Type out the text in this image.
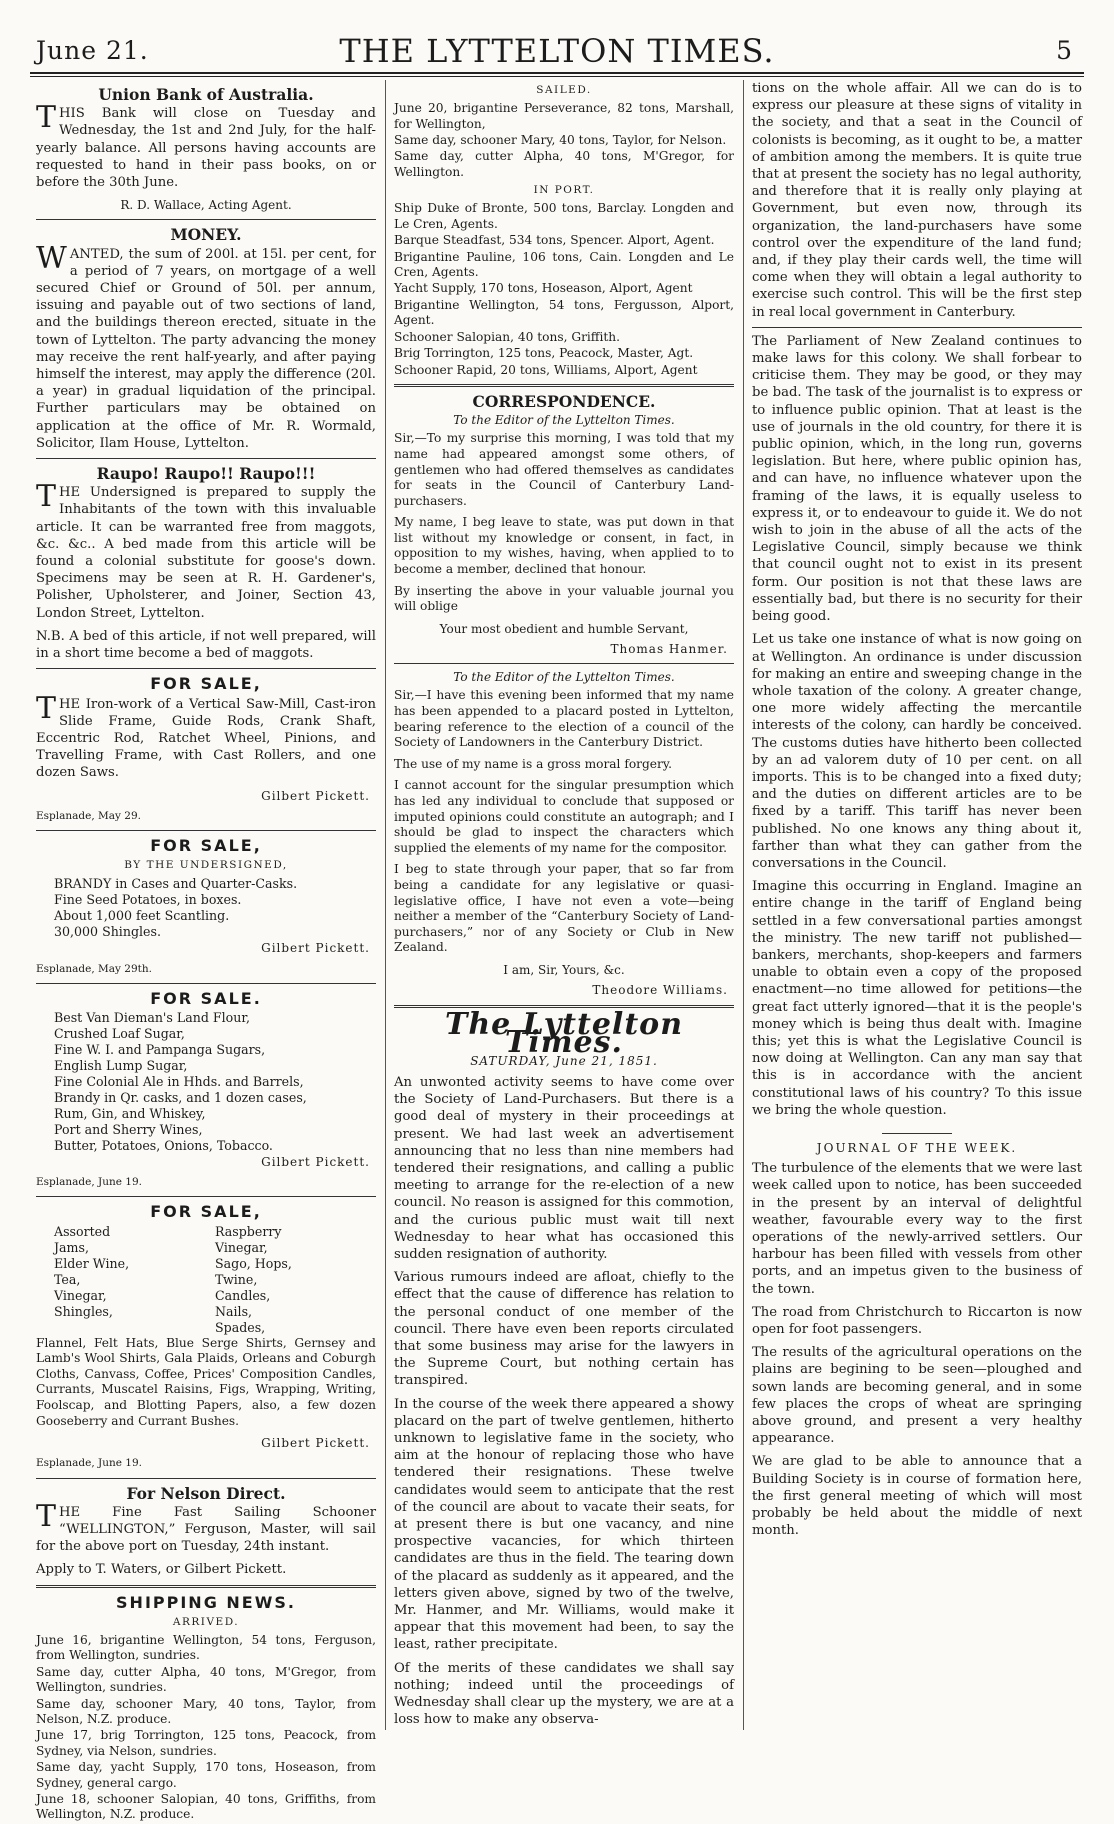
June 21.	THE LYTTELTON TIMES.	5
Union Bank of Australia.

THIS Bank will close on Tuesday and Wednesday, the 1st and 2nd July, for the half-yearly balance. All persons having accounts are requested to hand in their pass books, on or before the 30th June.

R. D. Wallace, Acting Agent.
MONEY.

WANTED, the sum of 200l. at 15l. per cent, for a period of 7 years, on mortgage of a well secured Chief or Ground of 50l. per annum, issuing and payable out of two sections of land, and the buildings thereon erected, situate in the town of Lyttelton. The party advancing the money may receive the rent half-yearly, and after paying himself the interest, may apply the difference (20l. a year) in gradual liquidation of the principal. Further particulars may be obtained on application at the office of Mr. R. Wormald, Solicitor, Ilam House, Lyttelton.

Raupo! Raupo!! Raupo!!!

THE Undersigned is prepared to supply the Inhabitants of the town with this invaluable article. It can be warranted free from maggots, &c. &c.. A bed made from this article will be found a colonial substitute for goose's down. Specimens may be seen at R. H. Gardener's, Polisher, Upholsterer, and Joiner, Section 43, London Street, Lyttelton.

N.B. A bed of this article, if not well prepared, will in a short time become a bed of maggots.

FOR SALE,

THE Iron-work of a Vertical Saw-Mill, Cast-iron Slide Frame, Guide Rods, Crank Shaft, Eccentric Rod, Ratchet Wheel, Pinions, and Travelling Frame, with Cast Rollers, and one dozen Saws.

Gilbert Pickett.
Esplanade, May 29.
FOR SALE,
BY THE UNDERSIGNED,
BRANDY in Cases and Quarter-Casks.
Fine Seed Potatoes, in boxes.
About 1,000 feet Scantling.
30,000 Shingles.
Gilbert Pickett.
Esplanade, May 29th.
FOR SALE.
Best Van Dieman's Land Flour,
Crushed Loaf Sugar,
Fine W. I. and Pampanga Sugars,
English Lump Sugar,
Fine Colonial Ale in Hhds. and Barrels,
Brandy in Qr. casks, and 1 dozen cases,
Rum, Gin, and Whiskey,
Port and Sherry Wines,
Butter, Potatoes, Onions, Tobacco.
Gilbert Pickett.
Esplanade, June 19.
FOR SALE,
Assorted Jams,
Elder Wine,
Tea,
Vinegar,
Shingles,
Raspberry Vinegar,
Sago, Hops,
Twine,
Candles,
Nails, Spades,

Flannel, Felt Hats, Blue Serge Shirts, Gernsey and Lamb's Wool Shirts, Gala Plaids, Orleans and Coburgh Cloths, Canvass, Coffee, Prices' Composition Candles, Currants, Muscatel Raisins, Figs, Wrapping, Writing, Foolscap, and Blotting Papers, also, a few dozen Gooseberry and Currant Bushes.

Gilbert Pickett.
Esplanade, June 19.
For Nelson Direct.

THE Fine Fast Sailing Schooner “WELLINGTON,” Ferguson, Master, will sail for the above port on Tuesday, 24th instant.

Apply to T. Waters, or Gilbert Pickett.

SHIPPING NEWS.
ARRIVED.

June 16, brigantine Wellington, 54 tons, Ferguson, from Wellington, sundries.

Same day, cutter Alpha, 40 tons, M'Gregor, from Wellington, sundries.

Same day, schooner Mary, 40 tons, Taylor, from Nelson, N.Z. produce.

June 17, brig Torrington, 125 tons, Peacock, from Sydney, via Nelson, sundries.

Same day, yacht Supply, 170 tons, Hoseason, from Sydney, general cargo.

June 18, schooner Salopian, 40 tons, Griffiths, from Wellington, N.Z. produce.

SAILED.

June 20, brigantine Perseverance, 82 tons, Marshall, for Wellington,

Same day, schooner Mary, 40 tons, Taylor, for Nelson.

Same day, cutter Alpha, 40 tons, M'Gregor, for Wellington.

IN PORT.

Ship Duke of Bronte, 500 tons, Barclay. Longden and Le Cren, Agents.

Barque Steadfast, 534 tons, Spencer. Alport, Agent.

Brigantine Pauline, 106 tons, Cain. Longden and Le Cren, Agents.

Yacht Supply, 170 tons, Hoseason, Alport, Agent

Brigantine Wellington, 54 tons, Fergusson, Alport, Agent.

Schooner Salopian, 40 tons, Griffith.

Brig Torrington, 125 tons, Peacock, Master, Agt.

Schooner Rapid, 20 tons, Williams, Alport, Agent

CORRESPONDENCE.
To the Editor of the Lyttelton Times.

Sir,—To my surprise this morning, I was told that my name had appeared amongst some others, of gentlemen who had offered themselves as candidates for seats in the Council of Canterbury Land-purchasers.

My name, I beg leave to state, was put down in that list without my knowledge or consent, in fact, in opposition to my wishes, having, when applied to to become a member, declined that honour.

By inserting the above in your valuable journal you will oblige

Your most obedient and humble Servant,
Thomas Hanmer.
To the Editor of the Lyttelton Times.

Sir,—I have this evening been informed that my name has been appended to a placard posted in Lyttelton, bearing reference to the election of a council of the Society of Landowners in the Canterbury District.

The use of my name is a gross moral forgery.

I cannot account for the singular presumption which has led any individual to conclude that supposed or imputed opinions could constitute an autograph; and I should be glad to inspect the characters which supplied the elements of my name for the compositor.

I beg to state through your paper, that so far from being a candidate for any legislative or quasi-legislative office, I have not even a vote—being neither a member of the “Canterbury Society of Land-purchasers,” nor of any Society or Club in New Zealand.

I am, Sir, Yours, &c.
Theodore Williams.
The Lyttelton Times.
SATURDAY, June 21, 1851.

An unwonted activity seems to have come over the Society of Land-Purchasers. But there is a good deal of mystery in their proceedings at present. We had last week an advertisement announcing that no less than nine members had tendered their resignations, and calling a public meeting to arrange for the re-election of a new council. No reason is assigned for this commotion, and the curious public must wait till next Wednesday to hear what has occasioned this sudden resignation of authority.

Various rumours indeed are afloat, chiefly to the effect that the cause of difference has relation to the personal conduct of one member of the council. There have even been reports circulated that some business may arise for the lawyers in the Supreme Court, but nothing certain has transpired.

In the course of the week there appeared a showy placard on the part of twelve gentlemen, hitherto unknown to legislative fame in the society, who aim at the honour of replacing those who have tendered their resignations. These twelve candidates would seem to anticipate that the rest of the council are about to vacate their seats, for at present there is but one vacancy, and nine prospective vacancies, for which thirteen candidates are thus in the field. The tearing down of the placard as suddenly as it appeared, and the letters given above, signed by two of the twelve, Mr. Hanmer, and Mr. Williams, would make it appear that this movement had been, to say the least, rather precipitate.

Of the merits of these candidates we shall say nothing; indeed until the proceedings of Wednesday shall clear up the mystery, we are at a loss how to make any observa-

tions on the whole affair. All we can do is to express our pleasure at these signs of vitality in the society, and that a seat in the Council of colonists is becoming, as it ought to be, a matter of ambition among the members. It is quite true that at present the society has no legal authority, and therefore that it is really only playing at Government, but even now, through its organization, the land-purchasers have some control over the expenditure of the land fund; and, if they play their cards well, the time will come when they will obtain a legal authority to exercise such control. This will be the first step in real local government in Canterbury.

The Parliament of New Zealand continues to make laws for this colony. We shall forbear to criticise them. They may be good, or they may be bad. The task of the journalist is to express or to influence public opinion. That at least is the use of journals in the old country, for there it is public opinion, which, in the long run, governs legislation. But here, where public opinion has, and can have, no influence whatever upon the framing of the laws, it is equally useless to express it, or to endeavour to guide it. We do not wish to join in the abuse of all the acts of the Legislative Council, simply because we think that council ought not to exist in its present form. Our position is not that these laws are essentially bad, but there is no security for their being good.

Let us take one instance of what is now going on at Wellington. An ordinance is under discussion for making an entire and sweeping change in the whole taxation of the colony. A greater change, one more widely affecting the mercantile interests of the colony, can hardly be conceived. The customs duties have hitherto been collected by an ad valorem duty of 10 per cent. on all imports. This is to be changed into a fixed duty; and the duties on different articles are to be fixed by a tariff. This tariff has never been published. No one knows any thing about it, farther than what they can gather from the conversations in the Council.

Imagine this occurring in England. Imagine an entire change in the tariff of England being settled in a few conversational parties amongst the ministry. The new tariff not published—bankers, merchants, shop-keepers and farmers unable to obtain even a copy of the proposed enactment—no time allowed for petitions—the great fact utterly ignored—that it is the people's money which is being thus dealt with. Imagine this; yet this is what the Legislative Council is now doing at Wellington. Can any man say that this is in accordance with the ancient constitutional laws of his country? To this issue we bring the whole question.

JOURNAL OF THE WEEK.

The turbulence of the elements that we were last week called upon to notice, has been succeeded in the present by an interval of delightful weather, favourable every way to the first operations of the newly-arrived settlers. Our harbour has been filled with vessels from other ports, and an impetus given to the business of the town.

The road from Christchurch to Riccarton is now open for foot passengers.

The results of the agricultural operations on the plains are begining to be seen—ploughed and sown lands are becoming general, and in some few places the crops of wheat are springing above ground, and present a very healthy appearance.

We are glad to be able to announce that a Building Society is in course of formation here, the first general meeting of which will most probably be held about the middle of next month.
